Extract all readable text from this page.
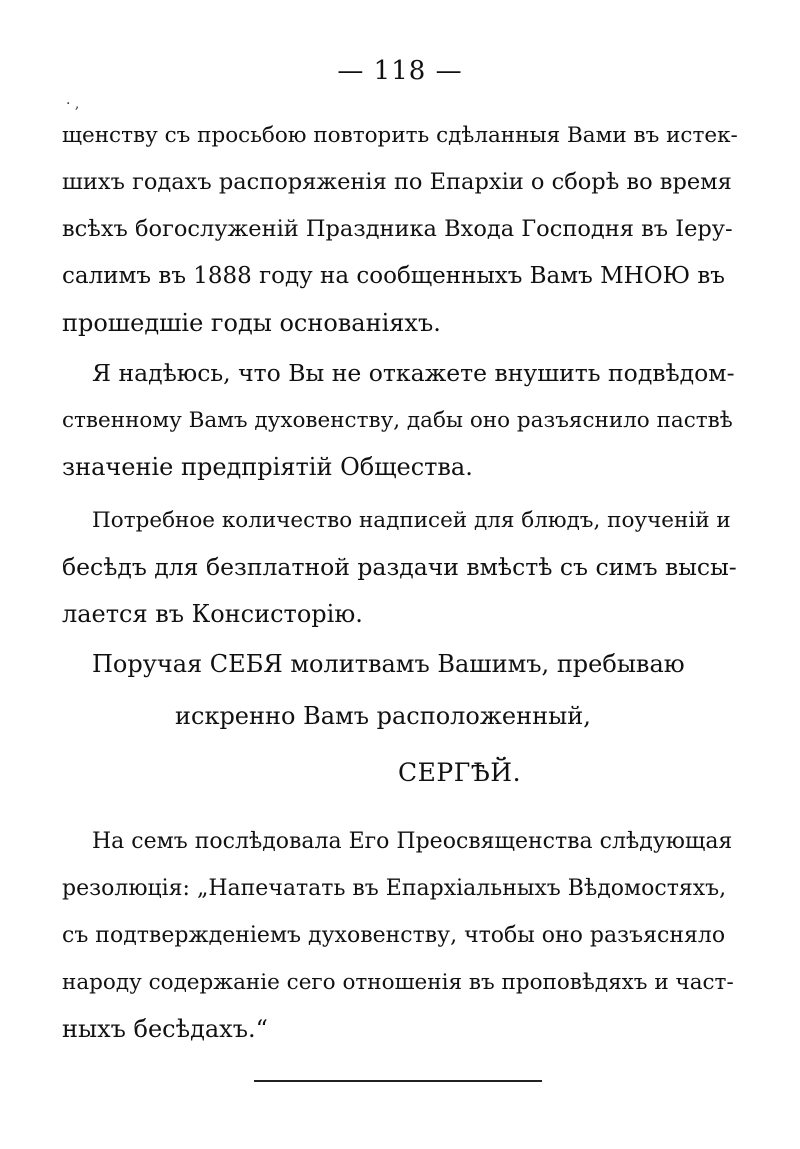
— 118 —
· ,
щенству съ просьбою повторить сдѣланныя Вами въ истек-
шихъ годахъ распоряженія по Епархіи о сборѣ во время
всѣхъ богослуженій Праздника Входа Господня въ Іеру-
салимъ въ 1888 году на сообщенныхъ Вамъ МНОЮ въ
прошедшіе годы основаніяхъ.
Я надѣюсь, что Вы не откажете внушить подвѣдом-
ственному Вамъ духовенству, дабы оно разъяснило паствѣ
значеніе предпріятій Общества.
Потребное количество надписей для блюдъ, поученій и
бесѣдъ для безплатной раздачи вмѣстѣ съ симъ высы-
лается въ Консисторію.
Поручая СЕБЯ молитвамъ Вашимъ, пребываю
искренно Вамъ расположенный,
СЕРГѢЙ.
На семъ послѣдовала Его Преосвященства слѣдующая
резолюція: „Напечатать въ Епархіальныхъ Вѣдомостяхъ,
съ подтвержденіемъ духовенству, чтобы оно разъясняло
народу содержаніе сего отношенія въ проповѣдяхъ и част-
ныхъ бесѣдахъ.“
